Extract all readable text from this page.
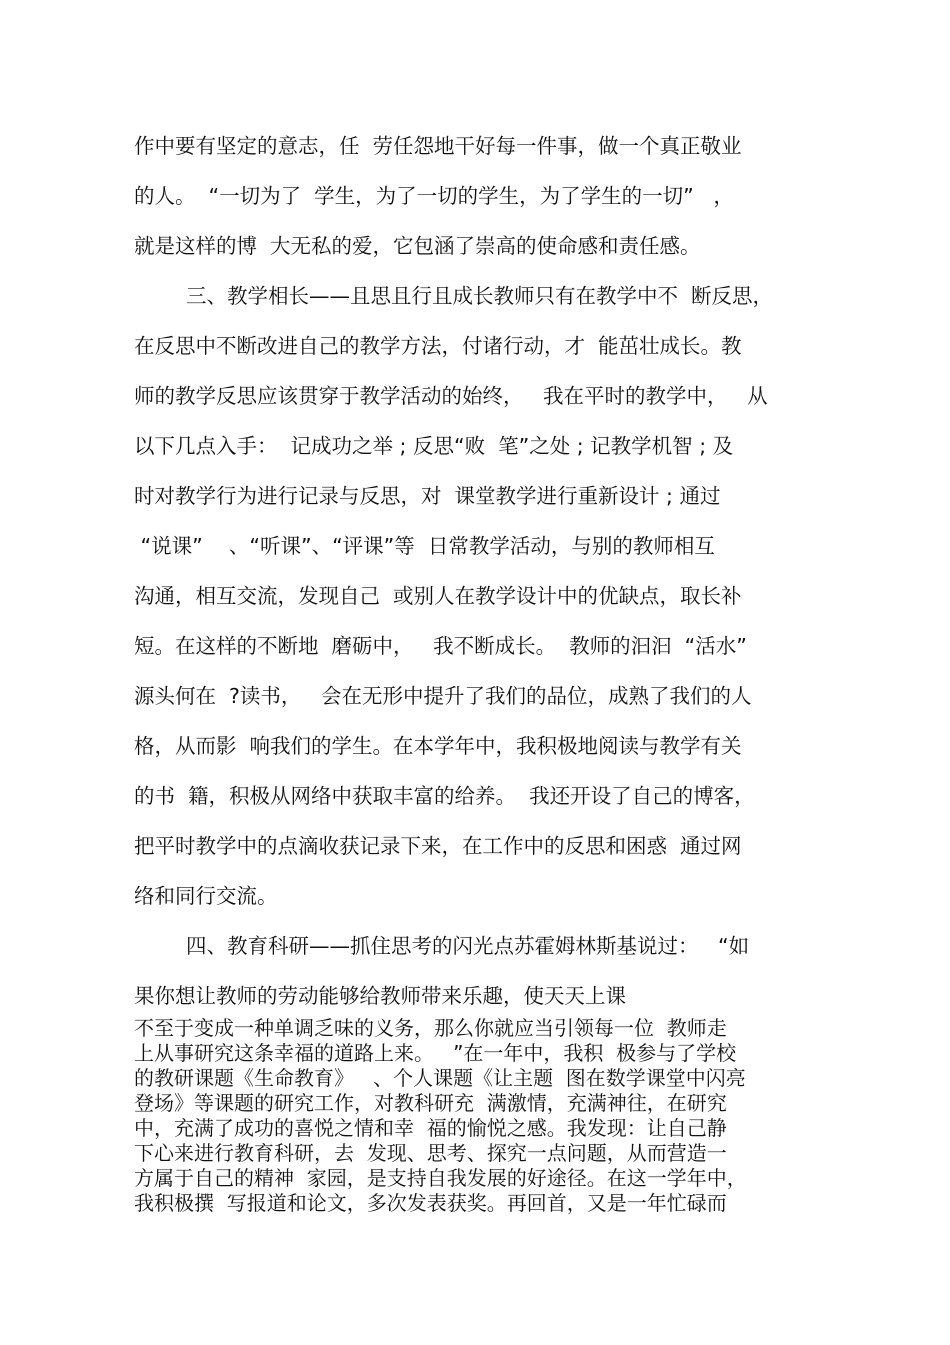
作中要有坚定的意志，任  劳任怨地干好每一件事，做一个真正敬业
的人。  “一切为了  学生，为了一切的学生，为了学生的一切”   ，
就是这样的博  大无私的爱，它包涵了崇高的使命感和责任感。
三、教学相长——且思且行且成长教师只有在教学中不  断反思，
在反思中不断改进自己的教学方法，付诸行动，才  能茁壮成长。教
师的教学反思应该贯穿于教学活动的始终，   我在平时的教学中，   从
以下几点入手：  记成功之举 ; 反思“败  笔”之处 ; 记教学机智 ; 及
时对教学行为进行记录与反思，对  课堂教学进行重新设计 ; 通过
“说课”    、“听课”、“评课”等  日常教学活动，与别的教师相互
沟通，相互交流，发现自己  或别人在教学设计中的优缺点，取长补
短。在这样的不断地  磨砺中，   我不断成长。  教师的汩汩  “活水”
源头何在  ?读书，   会在无形中提升了我们的品位，成熟了我们的人
格，从而影  响我们的学生。在本学年中，我积极地阅读与教学有关
的书  籍，积极从网络中获取丰富的给养。  我还开设了自己的博客，
把平时教学中的点滴收获记录下来，在工作中的反思和困惑  通过网
络和同行交流。
四、教育科研——抓住思考的闪光点苏霍姆林斯基说过：   “如
果你想让教师的劳动能够给教师带来乐趣，使天天上课
不至于变成一种单调乏味的义务，那么你就应当引领每一位  教师走
上从事研究这条幸福的道路上来。   ”在一年中，我积  极参与了学校
的教研课题《生命教育》   、个人课题《让主题  图在数学课堂中闪亮
登场》等课题的研究工作，对教科研充  满激情，充满神往，在研究
中，充满了成功的喜悦之情和幸  福的愉悦之感。我发现：让自己静
下心来进行教育科研，去  发现、思考、探究一点问题，从而营造一
方属于自己的精神  家园，是支持自我发展的好途径。在这一学年中，
我积极撰  写报道和论文，多次发表获奖。再回首，又是一年忙碌而
